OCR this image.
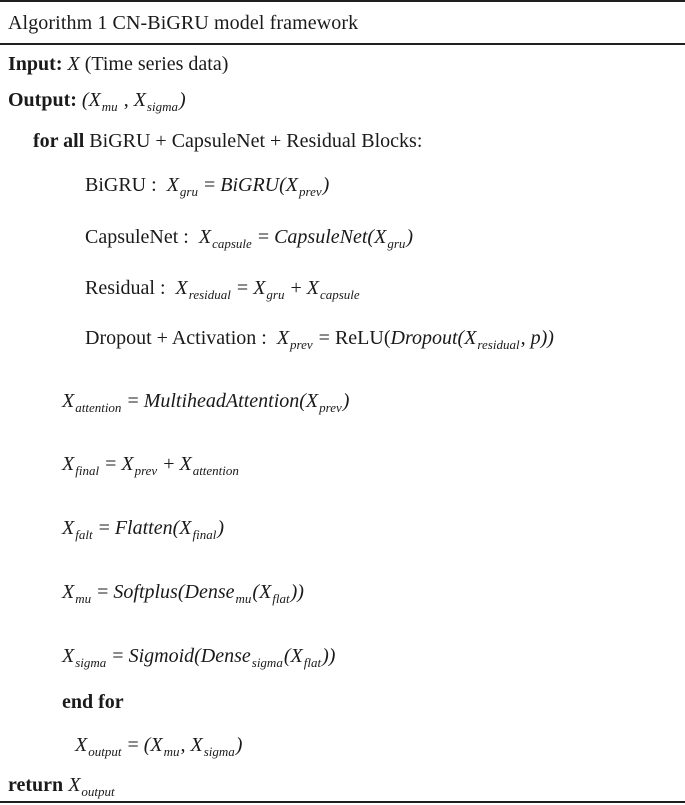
Algorithm 1 CN-BiGRU model framework
Input: X (Time series data)
Output: ($X_{mu}$ , $X_{sigma}$)
for all BiGRU + CapsuleNet + Residual Blocks:
BiGRU :  $X_{gru}$ = $BiGRU(X_{prev})$
CapsuleNet :  $X_{capsule}$ = $CapsuleNet(X_{gru})$
Residual :  $X_{residual} = X_{gru} + X_{capsule}$
Dropout + Activation :  $X_{prev}$ = $ReLU(Dropout(X_{residual}$, p))
$X_{attention}$ = $MultiheadAttention(X_{prev})$
$X_{final} = X_{prev} + X_{attention}$
$X_{falt}$ = $Flatten(X_{final})$
$X_{mu}$ = $Softplus(Dense_{mu}(X_{flat}))$
$X_{sigma}$ = $Sigmoid(Dense_{sigma}(X_{flat}))$
end for
$X_{output} = (X_{mu}$, $X_{sigma}$)
return $X_{output}$
